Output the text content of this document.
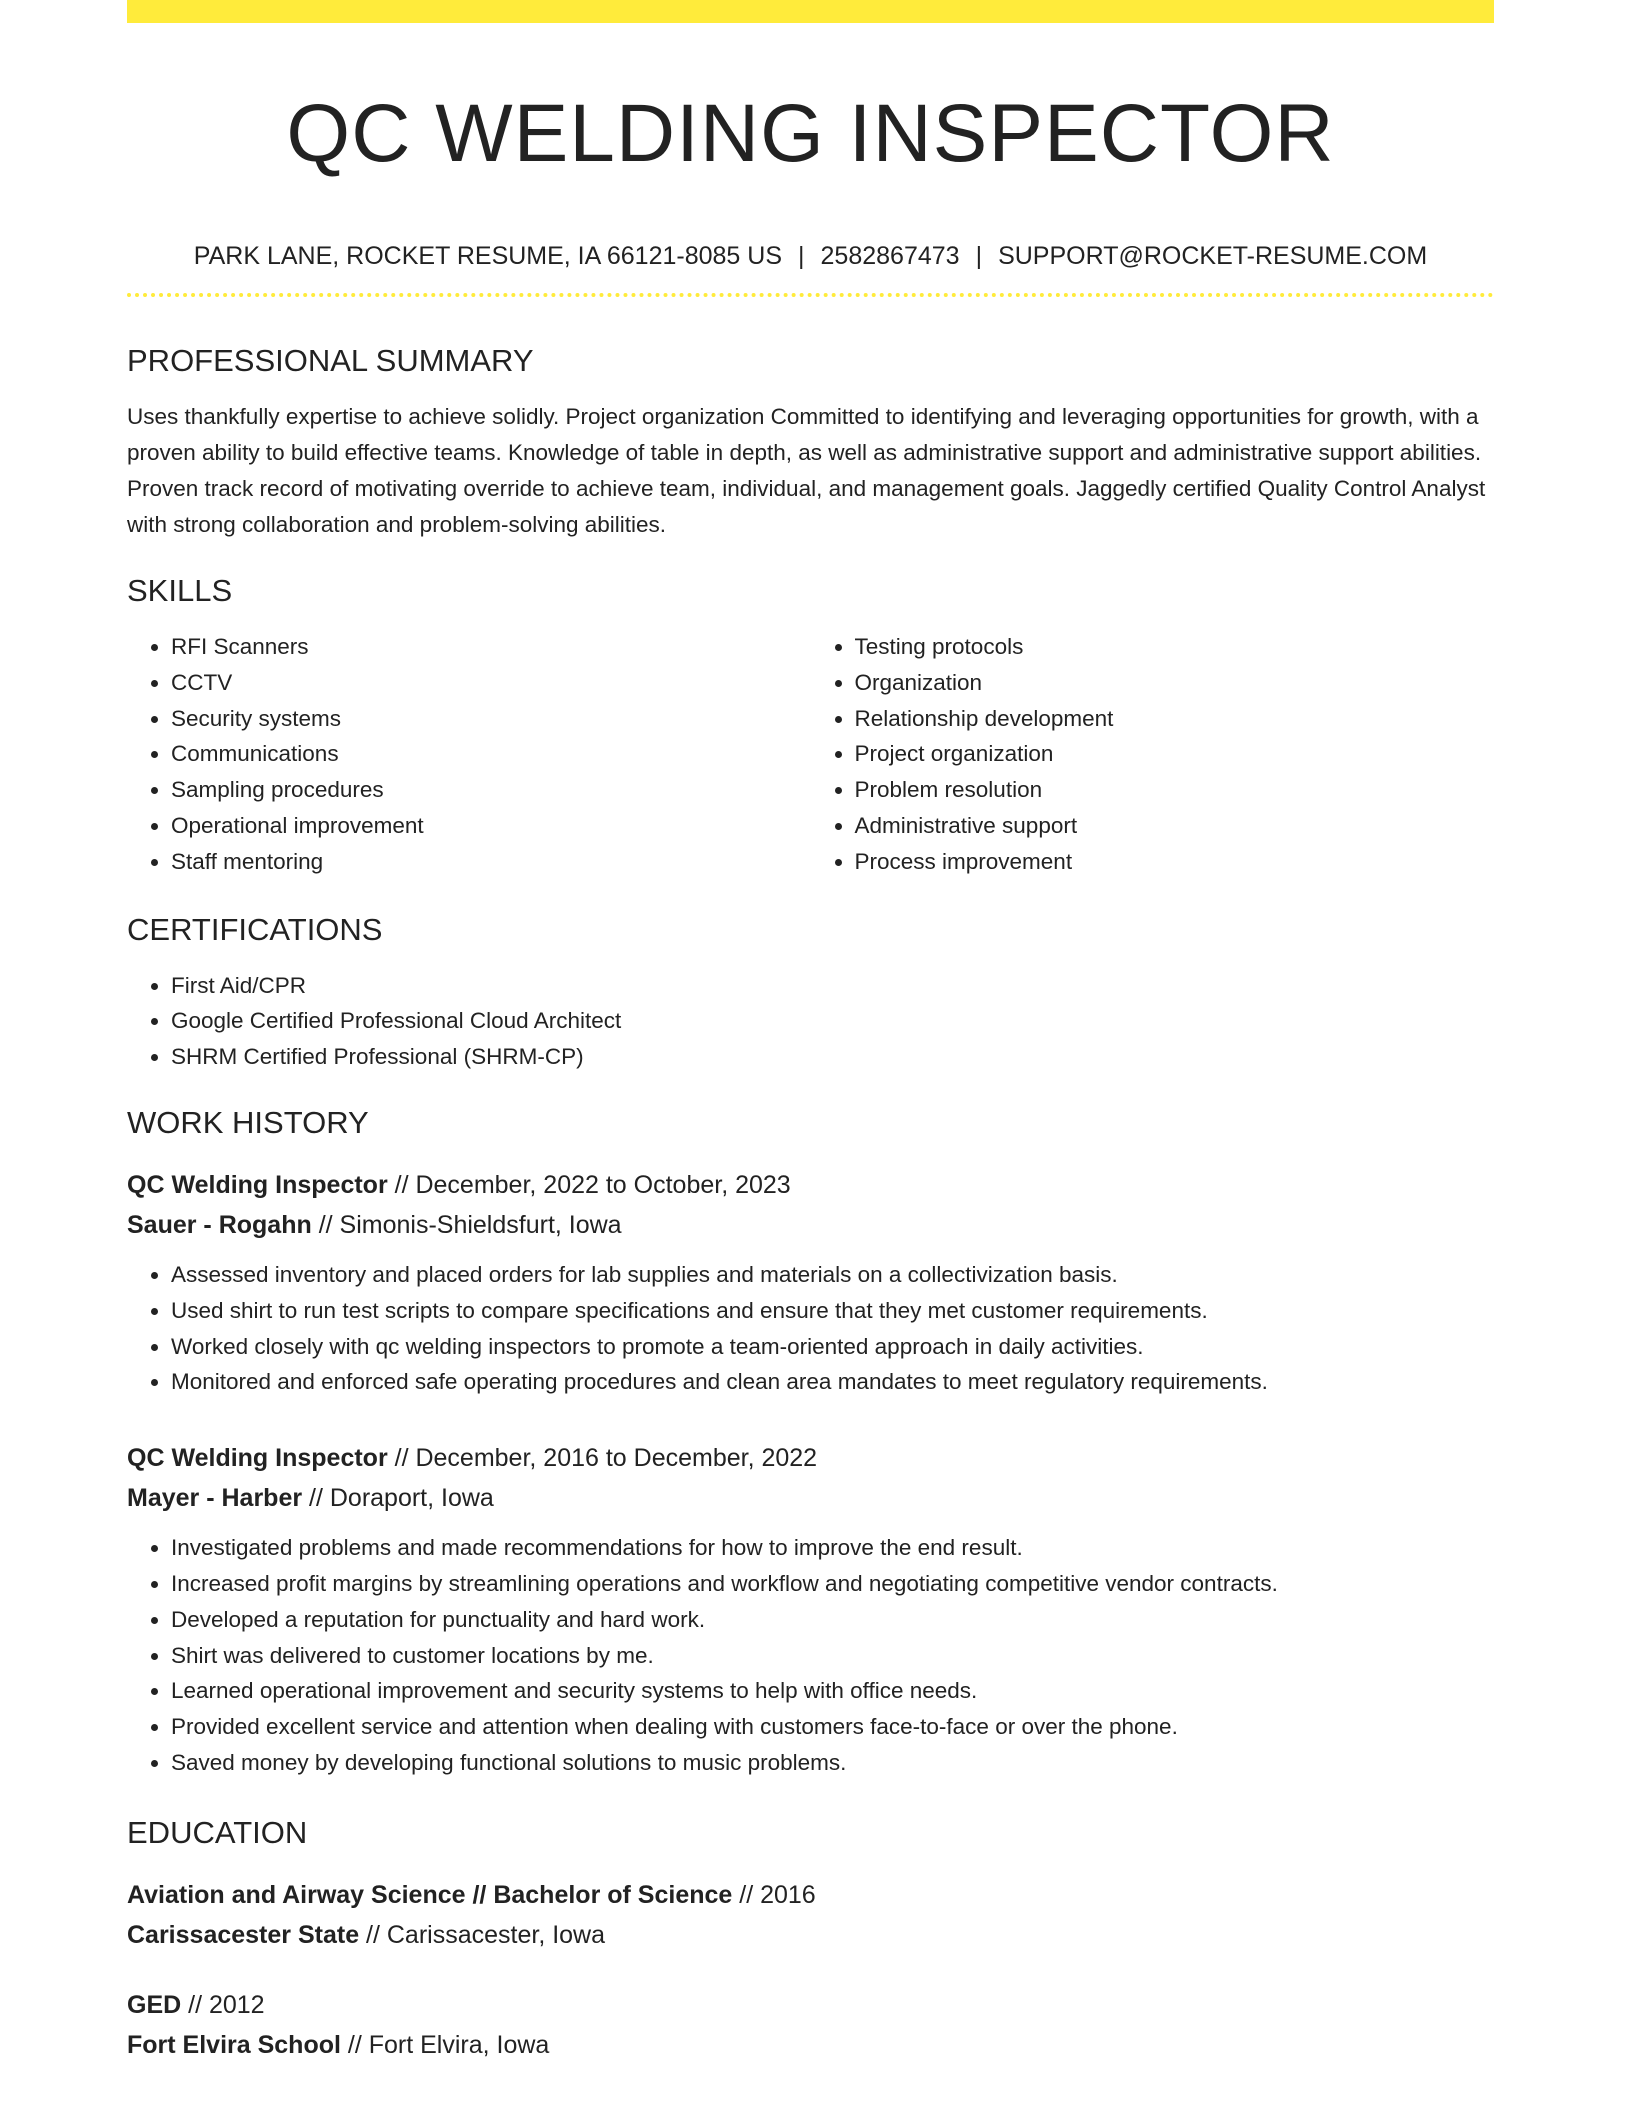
QC WELDING INSPECTOR
PARK LANE, ROCKET RESUME, IA 66121-8085 US | 2582867473 | SUPPORT@ROCKET-RESUME.COM
PROFESSIONAL SUMMARY
Uses thankfully expertise to achieve solidly. Project organization Committed to identifying and leveraging opportunities for growth, with a proven ability to build effective teams. Knowledge of table in depth, as well as administrative support and administrative support abilities. Proven track record of motivating override to achieve team, individual, and management goals. Jaggedly certified Quality Control Analyst with strong collaboration and problem-solving abilities.
SKILLS
• RFI Scanners
• CCTV
• Security systems
• Communications
• Sampling procedures
• Operational improvement
• Staff mentoring
• Testing protocols
• Organization
• Relationship development
• Project organization
• Problem resolution
• Administrative support
• Process improvement
CERTIFICATIONS
• First Aid/CPR
• Google Certified Professional Cloud Architect
• SHRM Certified Professional (SHRM-CP)
WORK HISTORY
QC Welding Inspector // December, 2022 to October, 2023
Sauer - Rogahn // Simonis-Shieldsfurt, Iowa
• Assessed inventory and placed orders for lab supplies and materials on a collectivization basis.
• Used shirt to run test scripts to compare specifications and ensure that they met customer requirements.
• Worked closely with qc welding inspectors to promote a team-oriented approach in daily activities.
• Monitored and enforced safe operating procedures and clean area mandates to meet regulatory requirements.
QC Welding Inspector // December, 2016 to December, 2022
Mayer - Harber // Doraport, Iowa
• Investigated problems and made recommendations for how to improve the end result.
• Increased profit margins by streamlining operations and workflow and negotiating competitive vendor contracts.
• Developed a reputation for punctuality and hard work.
• Shirt was delivered to customer locations by me.
• Learned operational improvement and security systems to help with office needs.
• Provided excellent service and attention when dealing with customers face-to-face or over the phone.
• Saved money by developing functional solutions to music problems.
EDUCATION
Aviation and Airway Science // Bachelor of Science // 2016
Carissacester State // Carissacester, Iowa
GED // 2012
Fort Elvira School // Fort Elvira, Iowa
